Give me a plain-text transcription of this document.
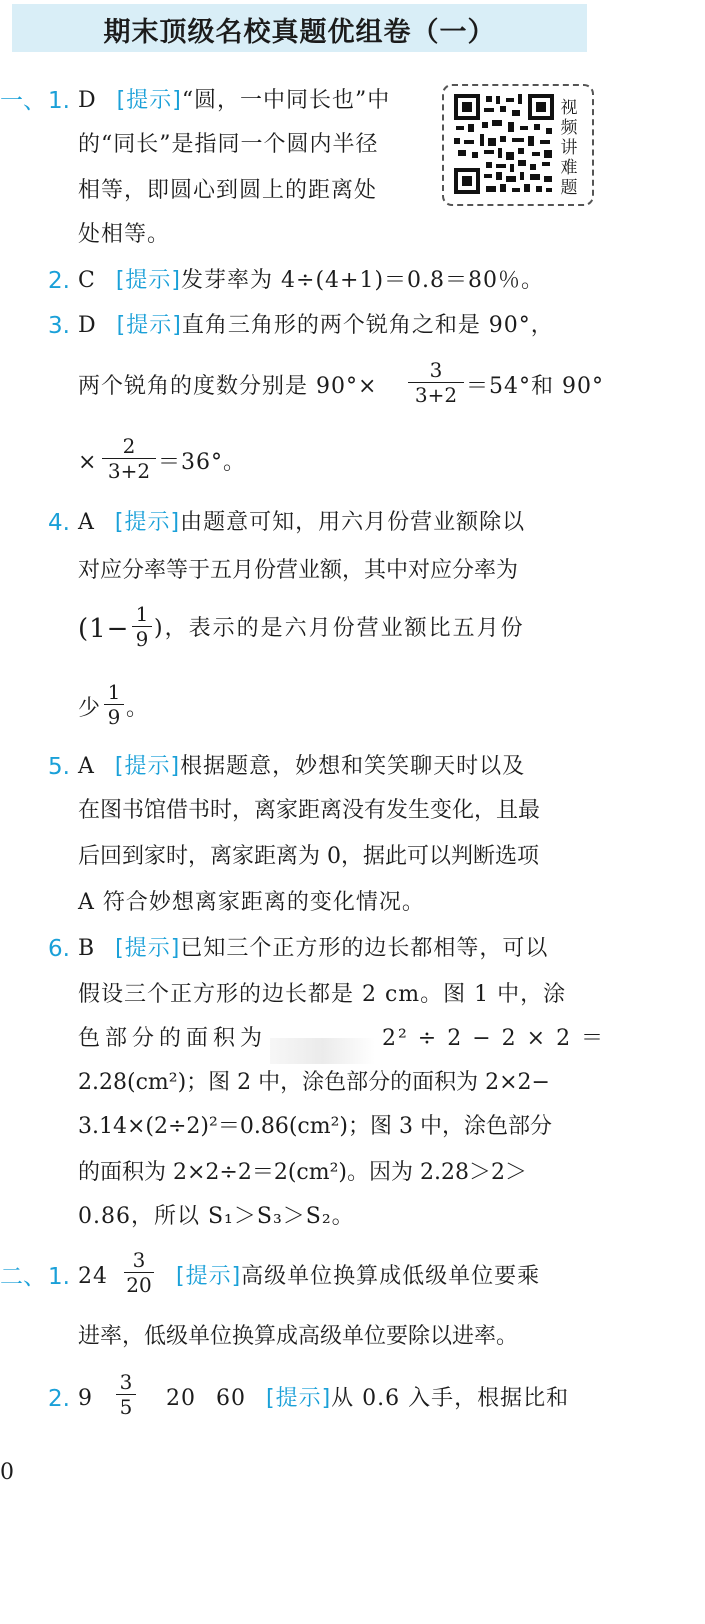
期末顶级名校真题优组卷（一）
视
频
讲
难
题
一、 1. D [提示]“圆，一中同长也”中
的“同长”是指同一个圆内半径
相等，即圆心到圆上的距离处
处相等。
2. C [提示]发芽率为 4÷(4+1)＝0.8＝80％。
3. D [提示]直角三角形的两个锐角之和是 90°，
两个锐角的度数分别是 $90^\circ\times \frac{3}{3+2} =54^\circ$和 90°
× $\frac{2}{3+2} =36^\circ$。
4. A [提示]由题意可知，用六月份营业额除以
对应分率等于五月份营业额，其中对应分率为
($1- \frac{1}{9}$ )，表示的是六月份营业额比五月份
少 $\frac{1}{9}$ 。
5. A [提示]根据题意，妙想和笑笑聊天时以及
在图书馆借书时，离家距离没有发生变化，且最
后回到家时，离家距离为 0，据此可以判断选项
A 符合妙想离家距离的变化情况。
6. B [提示]已知三个正方形的边长都相等，可以
假设三个正方形的边长都是 2 cm。图 1 中，涂
色部分的面积为	2² ÷ 2 − 2 × 2 ＝
2.28(cm²)；图 2 中，涂色部分的面积为 2×2−
3.14×(2÷2)²＝0.86(cm²)；图 3 中，涂色部分
的面积为 2×2÷2＝2(cm²)。因为 2.28＞2＞
0.86，所以 S₁＞S₃＞S₂。
二、 1. $24 \frac{3}{20}$ [提示]高级单位换算成低级单位要乘
进率，低级单位换算成高级单位要除以进率。
2. $9 \frac{3}{5} 20$ 60 [提示]从 0.6 入手，根据比和
0
